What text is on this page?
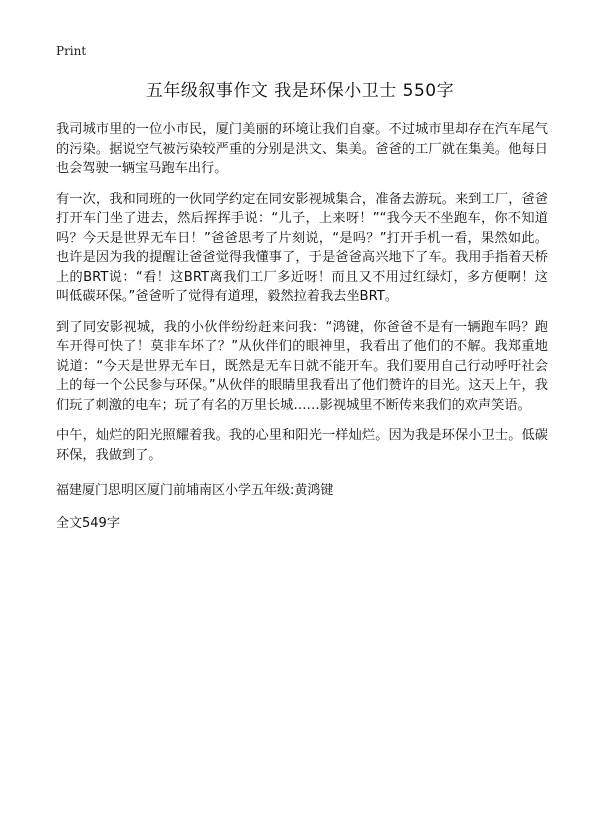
Print
五年级叙事作文 我是环保小卫士 550字

我司城市里的一位小市民，厦门美丽的环境让我们自豪。不过城市里却存在汽车尾气的污染。据说空气被污染较严重的分别是洪文、集美。爸爸的工厂就在集美。他每日也会驾驶一辆宝马跑车出行。

有一次，我和同班的一伙同学约定在同安影视城集合，准备去游玩。来到工厂，爸爸打开车门坐了进去，然后挥挥手说：“儿子，上来呀！”“我今天不坐跑车，你不知道吗？今天是世界无车日！”爸爸思考了片刻说，“是吗？”打开手机一看，果然如此。也许是因为我的提醒让爸爸觉得我懂事了，于是爸爸高兴地下了车。我用手指着天桥上的BRT说：“看！这BRT离我们工厂多近呀！而且又不用过红绿灯，多方便啊！这叫低碳环保。”爸爸听了觉得有道理，毅然拉着我去坐BRT。

到了同安影视城，我的小伙伴纷纷赶来问我：“鸿键，你爸爸不是有一辆跑车吗？跑车开得可快了！莫非车坏了？”从伙伴们的眼神里，我看出了他们的不解。我郑重地说道：“今天是世界无车日，既然是无车日就不能开车。我们要用自己行动呼吁社会上的每一个公民参与环保。”从伙伴的眼睛里我看出了他们赞许的目光。这天上午，我们玩了刺激的电车；玩了有名的万里长城……影视城里不断传来我们的欢声笑语。

中午，灿烂的阳光照耀着我。我的心里和阳光一样灿烂。因为我是环保小卫士。低碳环保，我做到了。

福建厦门思明区厦门前埔南区小学五年级:黄鸿键

全文549字
